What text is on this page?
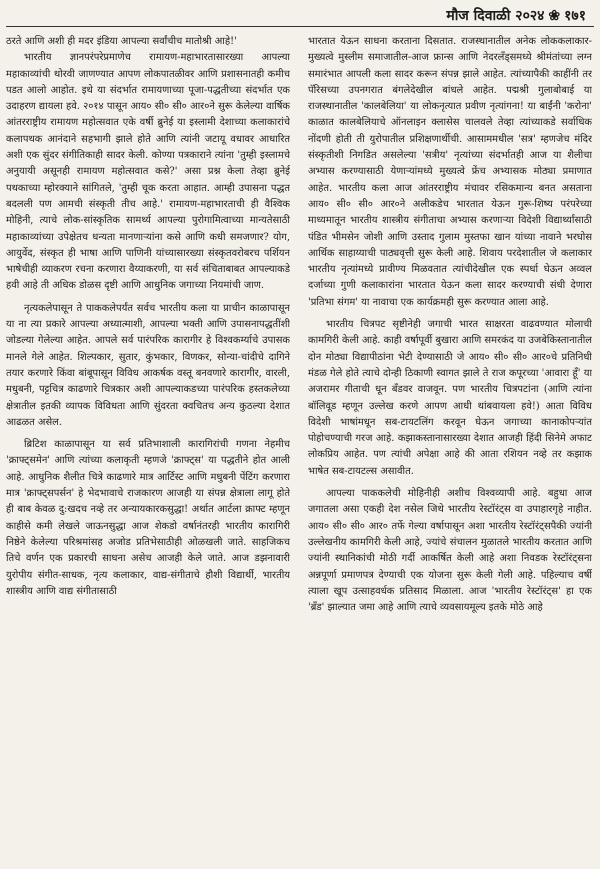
मौज दिवाळी २०२४ ❀ १७१

ठरते आणि अशी ही मदर इंडिया आपल्या सर्वांचीच मातोश्री आहे!'

भारतीय ज्ञानपरंपरेप्रमाणेच रामायण-महाभारतासारख्या आपल्या महाकाव्यांची थोरवी जाणण्यात आपण लोकपातळीवर आणि प्रशासनातही कमीच पडत आलो आहोत. इथे या संदर्भात रामायणाच्या पूजा-पद्धतीच्या संदर्भात एक उदाहरण द्यायला हवे. २०१४ पासून आय० सी० सी० आर०ने सुरू केलेल्या वार्षिक आंतरराष्ट्रीय रामायण महोत्सवात एके वर्षी ब्रुनेई या इस्लामी देशाच्या कलाकारांचे कलापथक आनंदाने सहभागी झाले होते आणि त्यांनी जटायू वधावर आधारित अशी एक सुंदर संगीतिकाही सादर केली. कोण्या पत्रकाराने त्यांना 'तुम्ही इस्लामचे अनुयायी असूनही रामायण महोत्सवात कसे?' असा प्रश्न केला तेव्हा ब्रुनेई पथकाच्या म्होरक्याने सांगितले, 'तुम्ही चूक करता आहात. आम्ही उपासना पद्धत बदलली पण आमची संस्कृती तीच आहे.' रामायण-महाभारताची ही वैश्विक मोहिनी, त्याचे लोक-सांस्कृतिक सामर्थ्य आपल्या पुरोगामित्वाच्या मान्यतेसाठी महाकाव्यांच्या उपेक्षेतच धन्यता मानणाऱ्यांना कसे आणि कधी समजणार? योग, आयुर्वेद, संस्कृत ही भाषा आणि पाणिनी यांच्यासारख्या संस्कृतवरोबरच पर्शियन भाषेचीही व्याकरण रचना करणारा वैय्याकरणी, या सर्व संचिताबाबत आपल्याकडे हवी आहे ती अधिक डोळस दृष्टी आणि आधुनिक जगाच्या नियमांची जाण.

नृत्यकलेपासून ते पाककलेपर्यंत सर्वच भारतीय कला या प्राचीन काळापासून या ना त्या प्रकारे आपल्या अध्यात्माशी, आपल्या भक्ती आणि उपासनापद्धतींशी जोडल्या गेलेल्या आहेत. आपले सर्व पारंपरिक कारागीर हे विश्वकर्म्याचे उपासक मानले गेले आहेत. शिल्पकार, सुतार, कुंभकार, विणकर, सोन्या-चांदीचे दागिने तयार करणारे किंवा बांबूपासून विविध आकर्षक वस्तू बनवणारे कारागीर, वारली, मधुबनी, पट्टचित्र काढणारे चित्रकार अशी आपल्याकडच्या पारंपरिक हस्तकलेच्या क्षेत्रातील इतकी व्यापक विविधता आणि सुंदरता क्वचितच अन्य कुठल्या देशात आढळत असेल.

ब्रिटिश काळापासून या सर्व प्रतिभाशाली कारागिरांची गणना नेहमीच 'क्राफ्ट्समेन' आणि त्यांच्या कलाकृती म्हणजे 'क्राफ्ट्स' या पद्धतीने होत आली आहे. आधुनिक शैलीत चित्रे काढणारे मात्र आर्टिस्ट आणि मधुबनी पेंटिंग करणारा मात्र 'क्राफ्ट्सपर्सन' हे भेदभावाचे राजकारण आजही या संपन्न क्षेत्राला लागू होते ही बाब केवळ दु:खदच नव्हे तर अन्यायकारकसुद्धा! अर्थात आर्टला क्राफ्ट म्हणून काहीसे कमी लेखले जाऊनसुद्धा आज शेकडो वर्षानंतरही भारतीय कारागिरी निष्ठेने केलेल्या परिश्रमांसह अजोड प्रतिभेसाठीही ओळखली जाते. साहजिकच तिचे वर्णन एक प्रकारची साधना असेच आजही केले जाते. आज डझनावारी युरोपीय संगीत-साधक, नृत्य कलाकार, वाद्य-संगीताचे हौशी विद्यार्थी, भारतीय शास्त्रीय आणि वाद्य संगीतासाठी

भारतात येऊन साधना करताना दिसतात. राजस्थानातील अनेक लोककलाकार-मुख्यत्वे मुस्लीम समाजातील-आज फ्रान्स आणि नेदरलँड्समध्ये श्रीमंतांच्या लग्न समारंभात आपली कला सादर करून संपन्न झाले आहेत. त्यांच्यापैकी काहींनी तर पॅरिसच्या उपनगरात बंगलेदेखील बांधले आहेत. पद्मश्री गुलाबोबाई या राजस्थानातील 'कालबेलिया' या लोकनृत्यात प्रवीण नृत्यांगना! या बाईंनी 'करोना' काळात कालबेलियाचे ऑनलाइन क्लासेस चालवले तेव्हा त्यांच्याकडे सर्वाधिक नोंदणी होती ती युरोपातील प्रशिक्षणार्थीची. आसाममधील 'सत्र' म्हणजेच मंदिर संस्कृतीशी निगडित असलेल्या 'सत्रीय' नृत्यांच्या संदर्भातही आज या शैलीचा अभ्यास करण्यासाठी येणाऱ्यांमध्ये मुख्यत्वे फ्रेंच अभ्यासक मोठ्या प्रमाणात आहेत. भारतीय कला आज आंतरराष्ट्रीय मंचावर रसिकमान्य बनत असताना आय० सी० सी० आर०ने अलीकडेच भारतात येऊन गुरू-शिष्य परंपरेच्या माध्यमातून भारतीय शास्त्रीय संगीताचा अभ्यास करणाऱ्या विदेशी विद्यार्थ्यांसाठी पंडित भीमसेन जोशी आणि उस्ताद गुलाम मुस्तफा खान यांच्या नावाने भरघोस आर्थिक साहाय्याची पाठ्यवृत्ती सुरू केली आहे. शिवाय परदेशातील जे कलाकार भारतीय नृत्यांमध्ये प्रावीण्य मिळवतात त्यांचीदेखील एक स्पर्धा घेऊन अव्वल दर्जाच्या गुणी कलाकारांना भारतात येऊन कला सादर करण्याची संधी देणारा 'प्रतिभा संगम' या नावाचा एक कार्यक्रमही सुरू करण्यात आला आहे.

भारतीय चित्रपट सृष्टीनेही जगाची भारत साक्षरता वाढवण्यात मोलाची कामगिरी केली आहे. काही वर्षापूर्वी बुखारा आणि समरकंद या उजबेकिस्तानातील दोन मोठ्या विद्यापीठांना भेटी देण्यासाठी जे आय० सी० सी० आर०चे प्रतिनिधी मंडळ गेले होते त्याचे दोन्ही ठिकाणी स्वागत झाले ते राज कपूरच्या 'आवारा हूँ' या अजरामर गीताची धून बँडवर वाजवून. पण भारतीय चित्रपटांना (आणि त्यांना बॉलिवूड म्हणून उल्लेख करणे आपण आधी थांबवायला हवे!) आता विविध विदेशी भाषांमधून सब-टायटलिंग करवून घेऊन जगाच्या कानाकोपऱ्यांत पोहोचण्याची गरज आहे. कझाकस्तानासारख्या देशात आजही हिंदी सिनेमे अफाट लोकप्रिय आहेत. पण त्यांची अपेक्षा आहे की आता रशियन नव्हे तर कझाक भाषेत सब-टायटल्स असावीत.

आपल्या पाककलेची मोहिनीही अशीच विश्वव्यापी आहे. बहुधा आज जगातला असा एकही देश नसेल जिथे भारतीय रेस्टॉरंट्स वा उपाहारगृहे नाहीत. आय० सी० सी० आर० तर्फे गेल्या वर्षापासून अशा भारतीय रेस्टॉरंट्सपैकी ज्यांनी उल्लेखनीय कामगिरी केली आहे, ज्यांचे संचालन मुळातले भारतीय करतात आणि ज्यांनी स्थानिकांची मोठी गर्दी आकर्षित केली आहे अशा निवडक रेस्टॉरंट्सना अन्नपूर्णा प्रमाणपत्र देण्याची एक योजना सुरू केली गेली आहे. पहिल्याच वर्षी त्याला खूप उत्साहवर्धक प्रतिसाद मिळाला. आज 'भारतीय रेस्टॉरंट्स' हा एक 'ब्रँड' झाल्यात जमा आहे आणि त्याचे व्यवसायमूल्य इतके मोठे आहे
